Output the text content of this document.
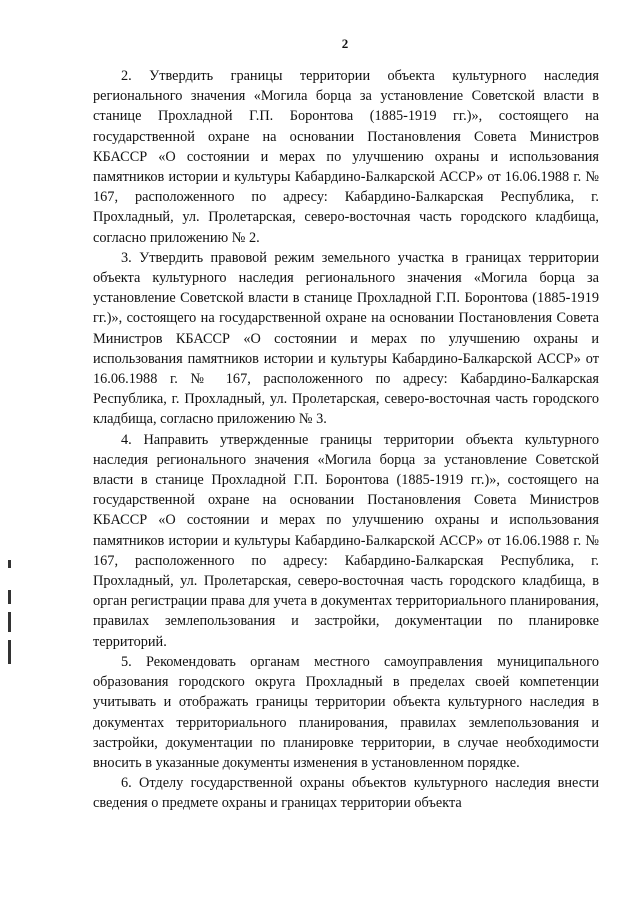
2

2. Утвердить границы территории объекта культурного наследия регионального значения «Могила борца за установление Советской власти в станице Прохладной Г.П. Боронтова (1885-1919 гг.)», состоящего на государственной охране на основании Постановления Совета Министров КБАССР «О состоянии и мерах по улучшению охраны и использования памятников истории и культуры Кабардино-Балкарской АССР» от 16.06.1988 г. № 167, расположенного по адресу: Кабардино-Балкарская Республика, г. Прохладный, ул. Пролетарская, северо-восточная часть городского кладбища, согласно приложению № 2.

3. Утвердить правовой режим земельного участка в границах территории объекта культурного наследия регионального значения «Могила борца за установление Советской власти в станице Прохладной Г.П. Боронтова (1885-1919 гг.)», состоящего на государственной охране на основании Постановления Совета Министров КБАССР «О состоянии и мерах по улучшению охраны и использования памятников истории и культуры Кабардино-Балкарской АССР» от 16.06.1988 г. № 167, расположенного по адресу: Кабардино-Балкарская Республика, г. Прохладный, ул. Пролетарская, северо-восточная часть городского кладбища, согласно приложению № 3.

4. Направить утвержденные границы территории объекта культурного наследия регионального значения «Могила борца за установление Советской власти в станице Прохладной Г.П. Боронтова (1885-1919 гг.)», состоящего на государственной охране на основании Постановления Совета Министров КБАССР «О состоянии и мерах по улучшению охраны и использования памятников истории и культуры Кабардино-Балкарской АССР» от 16.06.1988 г. № 167, расположенного по адресу: Кабардино-Балкарская Республика, г. Прохладный, ул. Пролетарская, северо-восточная часть городского кладбища, в орган регистрации права для учета в документах территориального планирования, правилах землепользования и застройки, документации по планировке территорий.

5. Рекомендовать органам местного самоуправления муниципального образования городского округа Прохладный в пределах своей компетенции учитывать и отображать границы территории объекта культурного наследия в документах территориального планирования, правилах землепользования и застройки, документации по планировке территории, в случае необходимости вносить в указанные документы изменения в установленном порядке.

6. Отделу государственной охраны объектов культурного наследия внести сведения о предмете охраны и границах территории объекта
